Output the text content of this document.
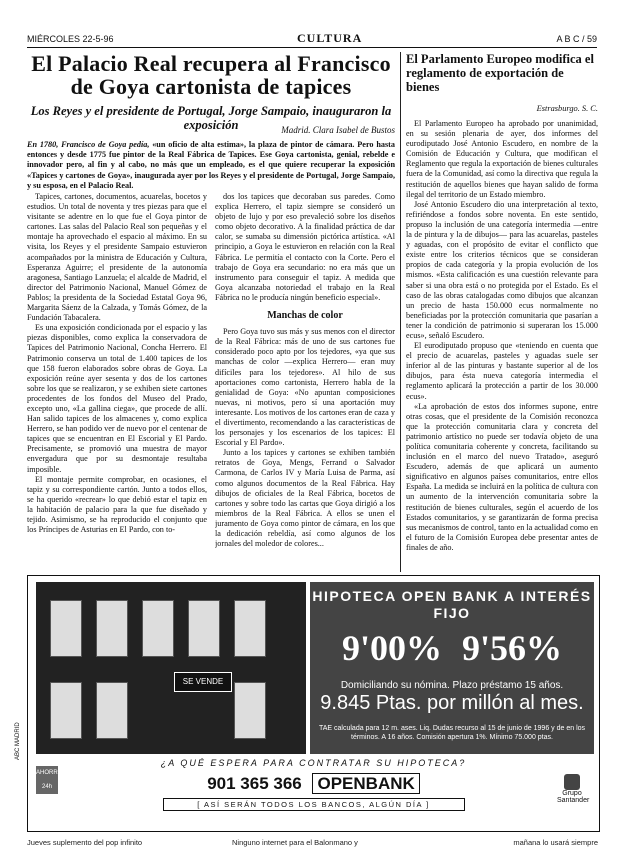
MIÉRCOLES 22-5-96	CULTURA	A B C / 59
El Palacio Real recupera al Francisco de Goya cartonista de tapices
Los Reyes y el presidente de Portugal, Jorge Sampaio, inauguraron la exposición	Madrid. Clara Isabel de Bustos
En 1780, Francisco de Goya pedía, «un oficio de alta estima», la plaza de pintor de cámara. Pero hasta entonces y desde 1775 fue pintor de la Real Fábrica de Tapices. Ese Goya cartonista, genial, rebelde e innovador pero, al fin y al cabo, no más que un empleado, es el que quiere recuperar la exposición «Tapices y cartones de Goya», inaugurada ayer por los Reyes y el presidente de Portugal, Jorge Sampaio, y su esposa, en el Palacio Real.

Tapices, cartones, documentos, acuarelas, bocetos y estudios. Un total de noventa y tres piezas para que el visitante se adentre en lo que fue el Goya pintor de cartones. Las salas del Palacio Real son pequeñas y el montaje ha aprovechado el espacio al máximo. En su visita, los Reyes y el presidente Sampaio estuvieron acompañados por la ministra de Educación y Cultura, Esperanza Aguirre; el presidente de la autonomía aragonesa, Santiago Lanzuela; el alcalde de Madrid, el director del Patrimonio Nacional, Manuel Gómez de Pablos; la presidenta de la Sociedad Estatal Goya 96, Margarita Sáenz de la Calzada, y Tomás Gómez, de la Fundación Tabacalera.

Es una exposición condicionada por el espacio y las piezas disponibles, como explica la conservadora de Tapices del Patrimonio Nacional, Concha Herrero. El Patrimonio conserva un total de 1.400 tapices de los que 158 fueron elaborados sobre obras de Goya. La exposición reúne ayer sesenta y dos de los cartones sobre los que se realizaron, y se exhiben siete cartones procedentes de los fondos del Museo del Prado, excepto uno, «La gallina ciega», que procede de allí. Han salido tapices de los almacenes y, como explica Herrero, se han podido ver de nuevo por el centenar de tapices que se encuentran en El Escorial y El Pardo. Precisamente, se promovió una muestra de mayor envergadura que por su desmontaje resultaba imposible.

El montaje permite comprobar, en ocasiones, el tapiz y su correspondiente cartón. Junto a todos ellos, se ha querido «recrear» lo que debió estar el tapiz en la habitación de palacio para la que fue diseñado y tejido. Asimismo, se ha reproducido el conjunto que los Príncipes de Asturias en El Pardo, con to-

dos los tapices que decoraban sus paredes. Como explica Herrero, el tapiz siempre se consideró un objeto de lujo y por eso prevaleció sobre los diseños como objeto decorativo. A la finalidad práctica de dar calor, se sumaba su dimensión pictórica artística. «Al principio, a Goya le estuvieron en relación con la Real Fábrica. Le permitía el contacto con la Corte. Pero el trabajo de Goya era secundario: no era más que un instrumento para conseguir el tapiz. A medida que Goya alcanzaba notoriedad el trabajo en la Real Fábrica no le producía ningún beneficio especial».

Manchas de color

Pero Goya tuvo sus más y sus menos con el director de la Real Fábrica: más de uno de sus cartones fue considerado poco apto por los tejedores, «ya que sus manchas de color —explica Herrero— eran muy difíciles para los tejedores». Al hilo de sus aportaciones como cartonista, Herrero habla de la genialidad de Goya: «No apuntan composiciones nuevas, ni motivos, pero sí una aportación muy interesante. Los motivos de los cartones eran de caza y el divertimento, recomendando a las características de los personajes y los escenarios de los tapices: El Escorial y El Pardo».

Junto a los tapices y cartones se exhiben también retratos de Goya, Mengs, Ferrand o Salvador Carmona, de Carlos IV y María Luisa de Parma, así como algunos documentos de la Real Fábrica. Hay dibujos de oficiales de la Real Fábrica, bocetos de cartones y sobre todo las cartas que Goya dirigió a los miembros de la Real Fábrica. A ellos se unen el juramento de Goya como pintor de cámara, en los que la dedicación rebeldía, así como algunos de los jornales del moledor de colores...

El Parlamento Europeo modifica el reglamento de exportación de bienes
Estrasburgo. S. C.

El Parlamento Europeo ha aprobado por unanimidad, en su sesión plenaria de ayer, dos informes del eurodiputado José Antonio Escudero, en nombre de la Comisión de Educación y Cultura, que modifican el Reglamento que regula la exportación de bienes culturales fuera de la Comunidad, así como la directiva que regula la restitución de aquellos bienes que hayan salido de forma ilegal del territorio de un Estado miembro.

José Antonio Escudero dio una interpretación al texto, refiriéndose a fondos sobre noventa. En este sentido, propuso la inclusión de una categoría intermedia —entre la de pintura y la de dibujos— para las acuarelas, pasteles y aguadas, con el propósito de evitar el conflicto que existe entre los criterios técnicos que se consideran propios de cada categoría y la propia evolución de los mismos. «Esta calificación es una cuestión relevante para saber si una obra está o no protegida por el Estado. Es el caso de las obras catalogadas como dibujos que alcanzan un precio de hasta 150.000 ecus normalmente no beneficiadas por la protección comunitaria que pasarían a tener la condición de patrimonio si superaran los 15.000 ecus», señaló Escudero.

El eurodiputado propuso que «teniendo en cuenta que el precio de acuarelas, pasteles y aguadas suele ser inferior al de las pinturas y bastante superior al de los dibujos, para ésta nueva categoría intermedia el reglamento aplicará la protección a partir de los 30.000 ecus».

«La aprobación de estos dos informes supone, entre otras cosas, que el presidente de la Comisión reconozca que la protección comunitaria clara y concreta del patrimonio artístico no puede ser todavía objeto de una política comunitaria coherente y concreta, facilitando su inclusión en el marco del nuevo Tratado», aseguró Escudero, además de que aplicará un aumento significativo en algunos países comunitarios, entre ellos España. La medida se incluirá en la política de cultura con un aumento de la intervención comunitaria sobre la restitución de bienes culturales, según el acuerdo de los Estados comunitarios, y se garantizarán de forma precisa sus mecanismos de control, tanto en la actualidad como en el futuro de la Comisión Europea debe presentar antes de finales de año.

SE VENDE
HIPOTECA OPEN BANK A INTERÉS FIJO
9'00% 9'56%
Domiciliando su nómina. Plazo préstamo 15 años.
9.845 Ptas. por millón al mes.
TAE calculada para 12 m. ases. Liq. Dudas recurso al 15 de junio de 1996 y de en los términos. A 16 años. Comisión apertura 1%. Mínimo 75.000 ptas.
AHORRO 24h
¿A QUÉ ESPERA PARA CONTRATAR SU HIPOTECA?
901 365 366 OPENBANK
[ ASÍ SERÁN TODOS LOS BANCOS, ALGÚN DÍA ]
Grupo Santander
ABC MADRID
Jueves suplemento del pop infinito	Ninguno internet para el Balonmano y	mañana lo usará siempre
